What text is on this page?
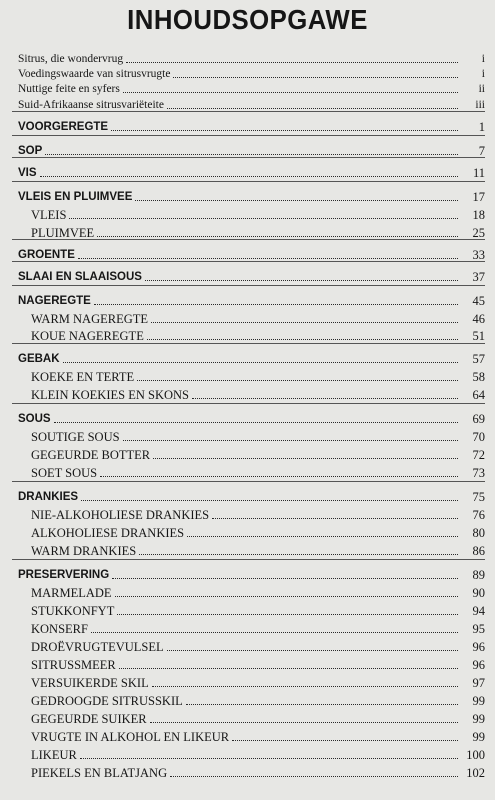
INHOUDSOPGAWE
Sitrus, die wondervrug	i
Voedingswaarde van sitrusvrugte	i
Nuttige feite en syfers	ii
Suid-Afrikaanse sitrusvariëteite	iii
VOORGEREGTE	1
SOP	7
VIS	11
VLEIS EN PLUIMVEE	17
VLEIS	18
PLUIMVEE	25
GROENTE	33
SLAAI EN SLAAISOUS	37
NAGEREGTE	45
WARM NAGEREGTE	46
KOUE NAGEREGTE	51
GEBAK	57
KOEKE EN TERTE	58
KLEIN KOEKIES EN SKONS	64
SOUS	69
SOUTIGE SOUS	70
GEGEURDE BOTTER	72
SOET SOUS	73
DRANKIES	75
NIE-ALKOHOLIESE DRANKIES	76
ALKOHOLIESE DRANKIES	80
WARM DRANKIES	86
PRESERVERING	89
MARMELADE	90
STUKKONFYT	94
KONSERF	95
DROËVRUGTEVULSEL	96
SITRUSSMEER	96
VERSUIKERDE SKIL	97
GEDROOGDE SITRUSSKIL	99
GEGEURDE SUIKER	99
VRUGTE IN ALKOHOL EN LIKEUR	99
LIKEUR	100
PIEKELS EN BLATJANG	102
